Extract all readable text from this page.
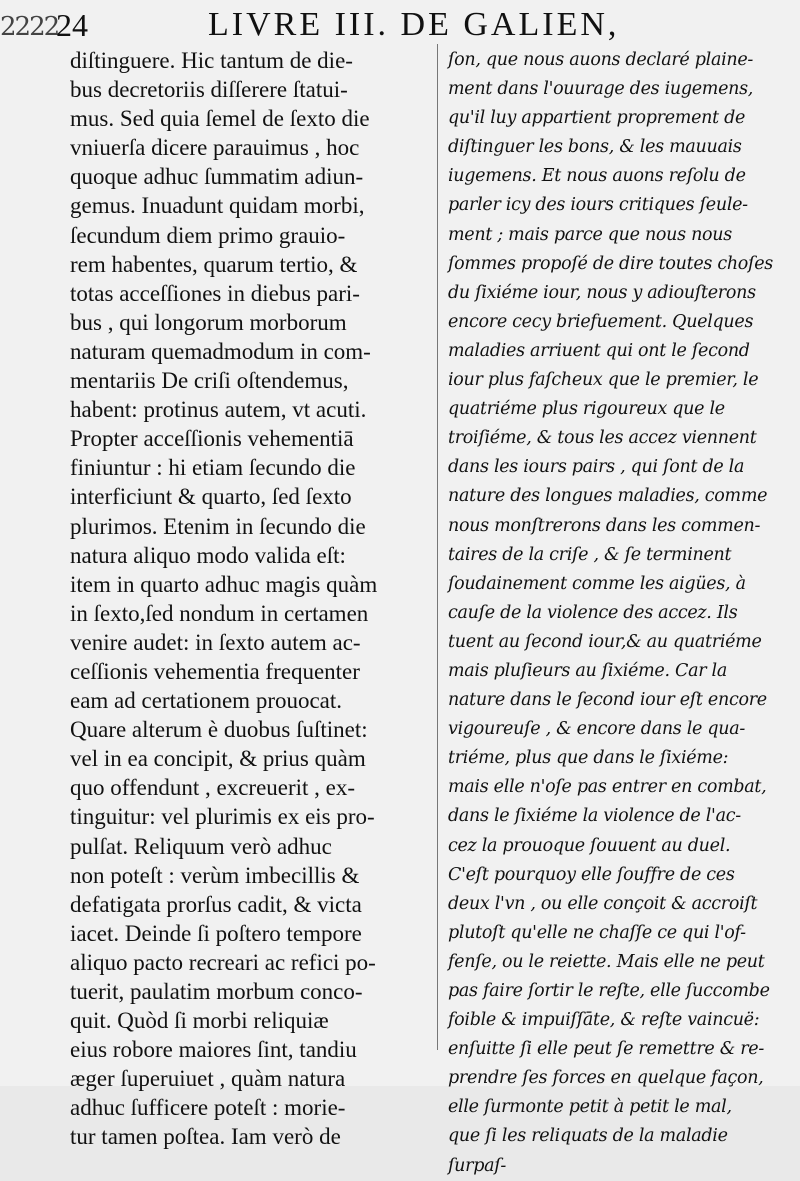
2222
24	LIVRE III. DE GALIEN,
diſtinguere. Hic tantum de die-
bus decretoriis diſſerere ſtatui-
mus. Sed quia ſemel de ſexto die
vniuerſa dicere parauimus , hoc
quoque adhuc ſummatim adiun-
gemus. Inuadunt quidam morbi,
ſecundum diem primo grauio-
rem habentes, quarum tertio, &
totas acceſſiones in diebus pari-
bus , qui longorum morborum
naturam quemadmodum in com-
mentariis De criſi oſtendemus,
habent: protinus autem, vt acuti.
Propter acceſſionis vehementiā
finiuntur : hi etiam ſecundo die
interficiunt & quarto, ſed ſexto
plurimos. Etenim in ſecundo die
natura aliquo modo valida eſt:
item in quarto adhuc magis quàm
in ſexto,ſed nondum in certamen
venire audet: in ſexto autem ac-
ceſſionis vehementia frequenter
eam ad certationem prouocat.
Quare alterum è duobus ſuſtinet:
vel in ea concipit, & prius quàm
quo offendunt , excreuerit , ex-
tinguitur: vel plurimis ex eis pro-
pulſat. Reliquum verò adhuc
non poteſt : verùm imbecillis &
defatigata prorſus cadit, & victa
iacet. Deinde ſi poſtero tempore
aliquo pacto recreari ac refici po-
tuerit, paulatim morbum conco-
quit. Quòd ſi morbi reliquiæ
eius robore maiores ſint, tandiu
æger ſuperuiuet , quàm natura
adhuc ſufficere poteſt : morie-
tur tamen poſtea. Iam verò de
ſon, que nous auons declaré plaine-
ment dans l'ouurage des iugemens,
qu'il luy appartient proprement de
diſtinguer les bons, & les mauuais
iugemens. Et nous auons reſolu de
parler icy des iours critiques ſeule-
ment ; mais parce que nous nous
ſommes propoſé de dire toutes choſes
du ſixiéme iour, nous y adiouſterons
encore cecy briefuement. Quelques
maladies arriuent qui ont le ſecond
iour plus faſcheux que le premier, le
quatriéme plus rigoureux que le
troiſiéme, & tous les accez viennent
dans les iours pairs , qui ſont de la
nature des longues maladies, comme
nous monſtrerons dans les commen-
taires de la criſe , & ſe terminent
ſoudainement comme les aigües, à
cauſe de la violence des accez. Ils
tuent au ſecond iour,& au quatriéme
mais pluſieurs au ſixiéme. Car la
nature dans le ſecond iour eſt encore
vigoureuſe , & encore dans le qua-
triéme, plus que dans le ſixiéme:
mais elle n'oſe pas entrer en combat,
dans le ſixiéme la violence de l'ac-
cez la prouoque ſouuent au duel.
C'eſt pourquoy elle ſouffre de ces
deux l'vn , ou elle conçoit & accroiſt
plutoſt qu'elle ne chaſſe ce qui l'of-
fenſe, ou le reiette. Mais elle ne peut
pas faire ſortir le reſte, elle ſuccombe
foible & impuiſſāte, & reſte vaincuë:
enſuitte ſi elle peut ſe remettre & re-
prendre ſes forces en quelque façon,
elle ſurmonte petit à petit le mal,
que ſi les reliquats de la maladie
ſurpaſ-
